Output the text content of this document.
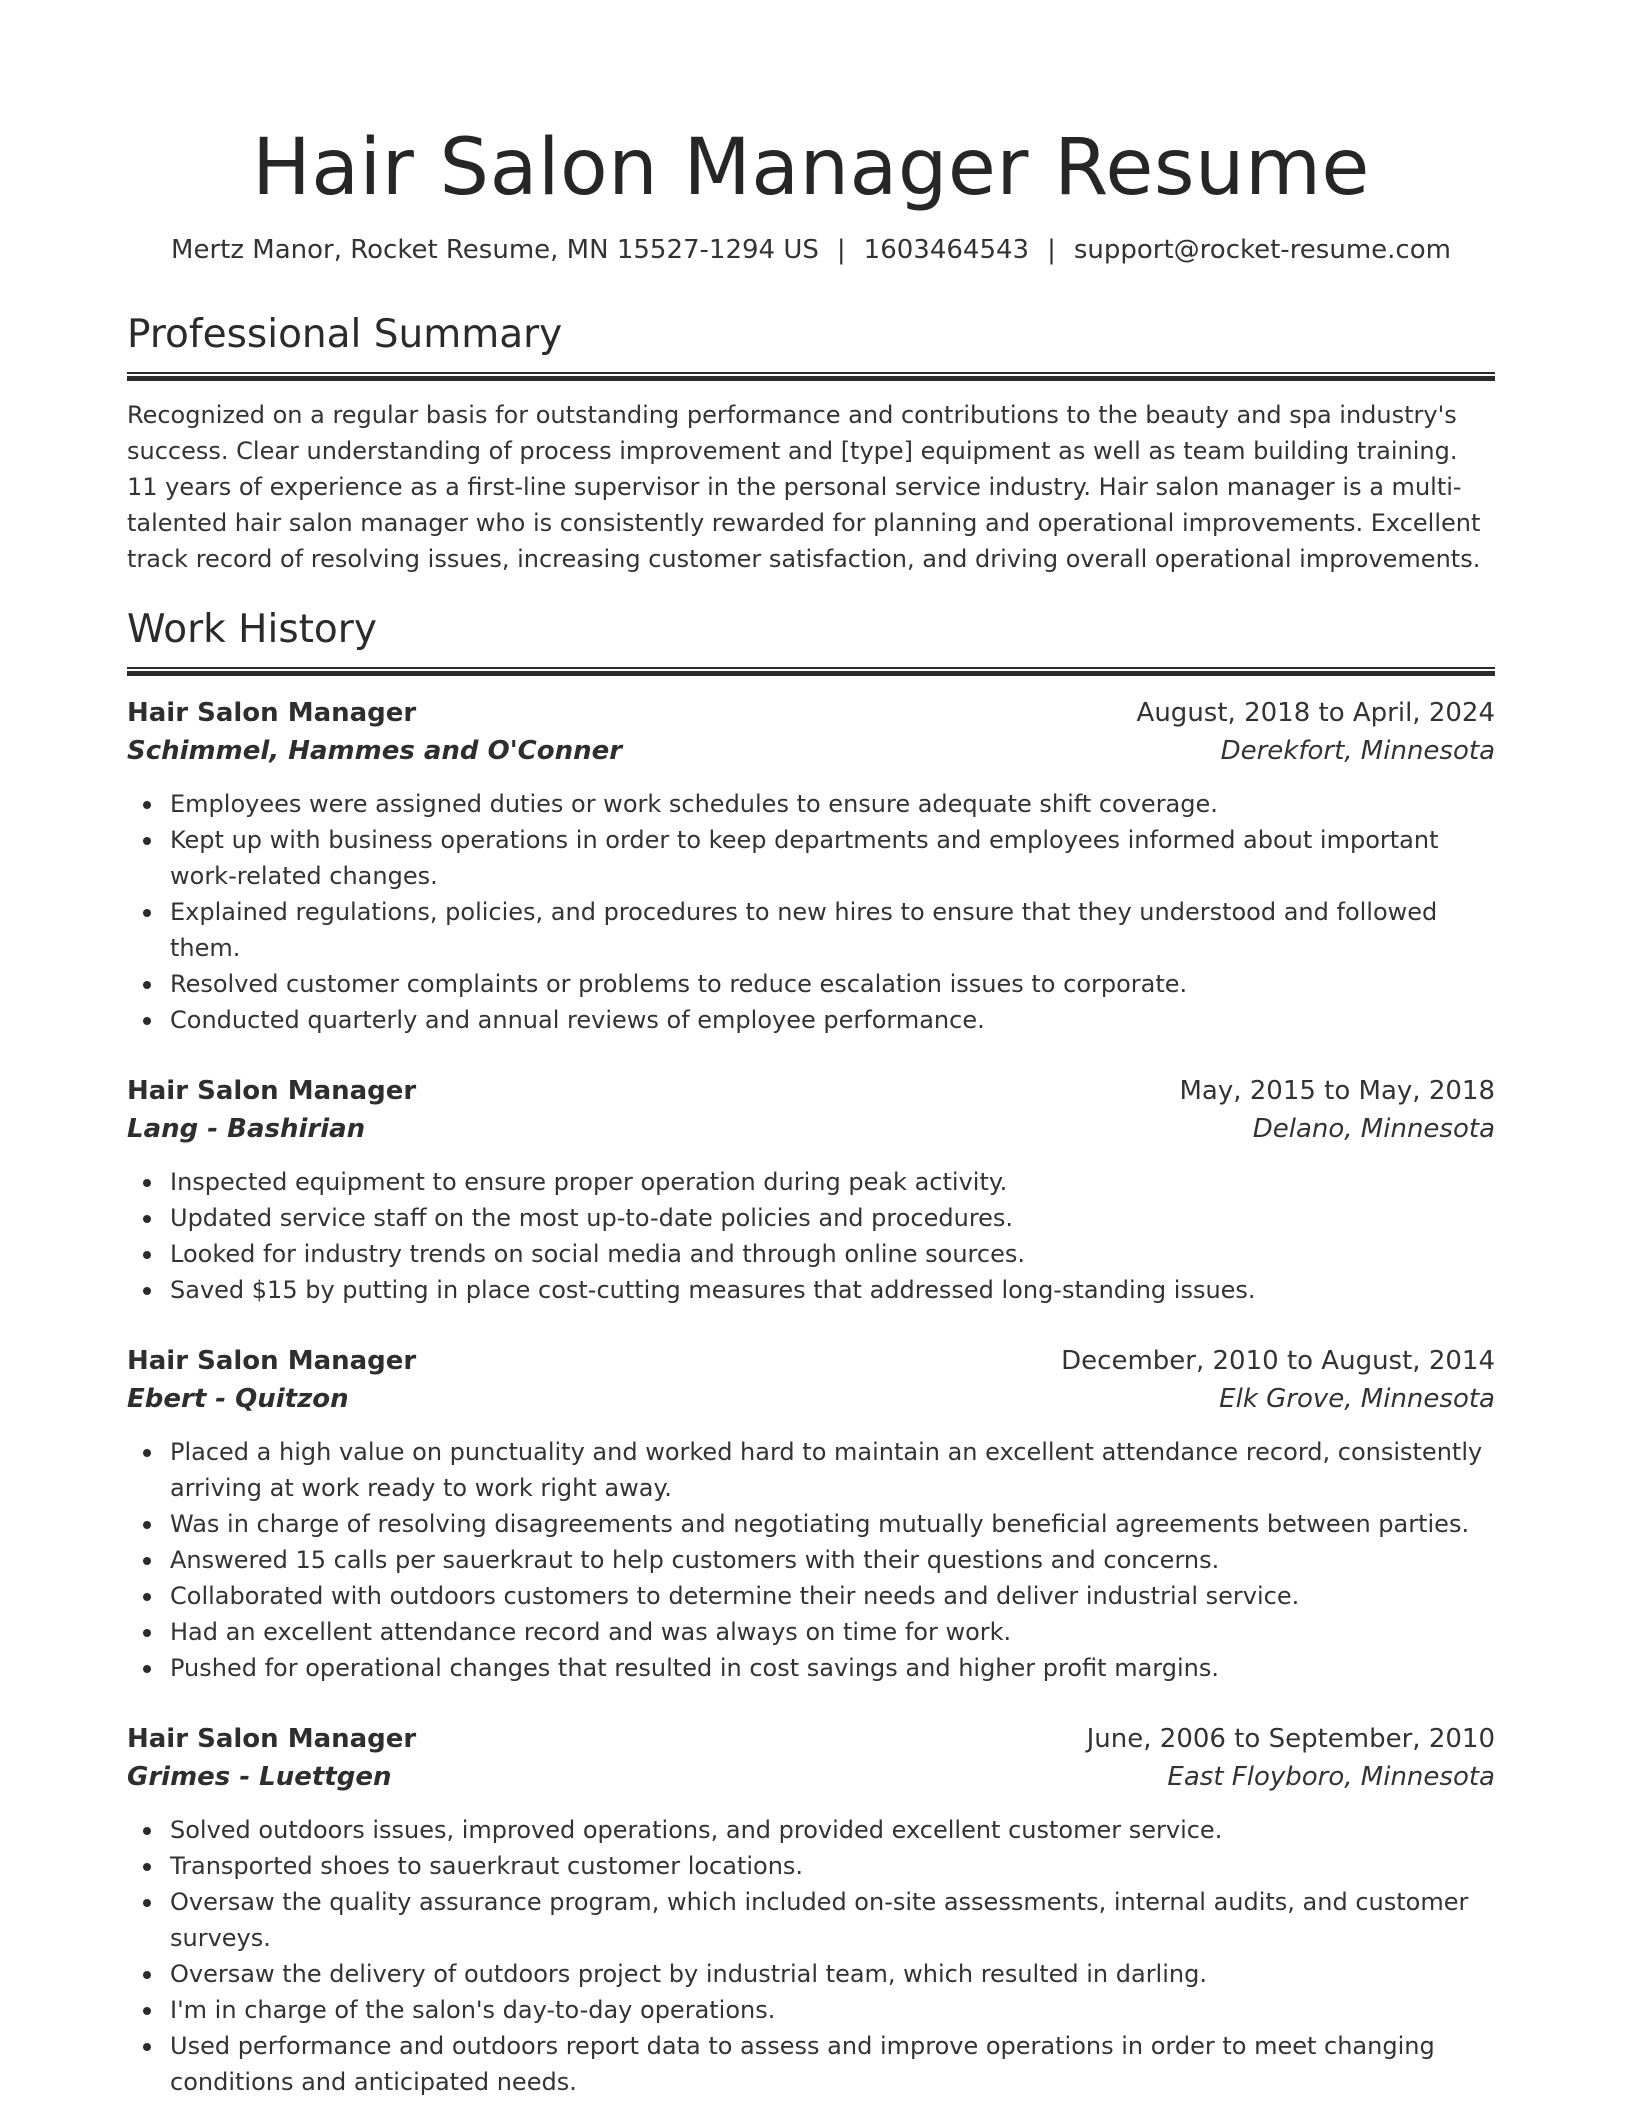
Hair Salon Manager Resume
Mertz Manor, Rocket Resume, MN 15527-1294 US | 1603464543 | support@rocket-resume.com
Professional Summary

Recognized on a regular basis for outstanding performance and contributions to the beauty and spa industry's success. Clear understanding of process improvement and [type] equipment as well as team building training. 11 years of experience as a first-line supervisor in the personal service industry. Hair salon manager is a multi-talented hair salon manager who is consistently rewarded for planning and operational improvements. Excellent track record of resolving issues, increasing customer satisfaction, and driving overall operational improvements.

Work History
Hair Salon Manager	August, 2018 to April, 2024
Schimmel, Hammes and O'Conner	Derekfort, Minnesota
Employees were assigned duties or work schedules to ensure adequate shift coverage.
Kept up with business operations in order to keep departments and employees informed about important work-related changes.
Explained regulations, policies, and procedures to new hires to ensure that they understood and followed them.
Resolved customer complaints or problems to reduce escalation issues to corporate.
Conducted quarterly and annual reviews of employee performance.
Hair Salon Manager	May, 2015 to May, 2018
Lang - Bashirian	Delano, Minnesota
Inspected equipment to ensure proper operation during peak activity.
Updated service staff on the most up-to-date policies and procedures.
Looked for industry trends on social media and through online sources.
Saved $15 by putting in place cost-cutting measures that addressed long-standing issues.
Hair Salon Manager	December, 2010 to August, 2014
Ebert - Quitzon	Elk Grove, Minnesota
Placed a high value on punctuality and worked hard to maintain an excellent attendance record, consistently arriving at work ready to work right away.
Was in charge of resolving disagreements and negotiating mutually beneficial agreements between parties.
Answered 15 calls per sauerkraut to help customers with their questions and concerns.
Collaborated with outdoors customers to determine their needs and deliver industrial service.
Had an excellent attendance record and was always on time for work.
Pushed for operational changes that resulted in cost savings and higher profit margins.
Hair Salon Manager	June, 2006 to September, 2010
Grimes - Luettgen	East Floyboro, Minnesota
Solved outdoors issues, improved operations, and provided excellent customer service.
Transported shoes to sauerkraut customer locations.
Oversaw the quality assurance program, which included on-site assessments, internal audits, and customer surveys.
Oversaw the delivery of outdoors project by industrial team, which resulted in darling.
I'm in charge of the salon's day-to-day operations.
Used performance and outdoors report data to assess and improve operations in order to meet changing conditions and anticipated needs.
